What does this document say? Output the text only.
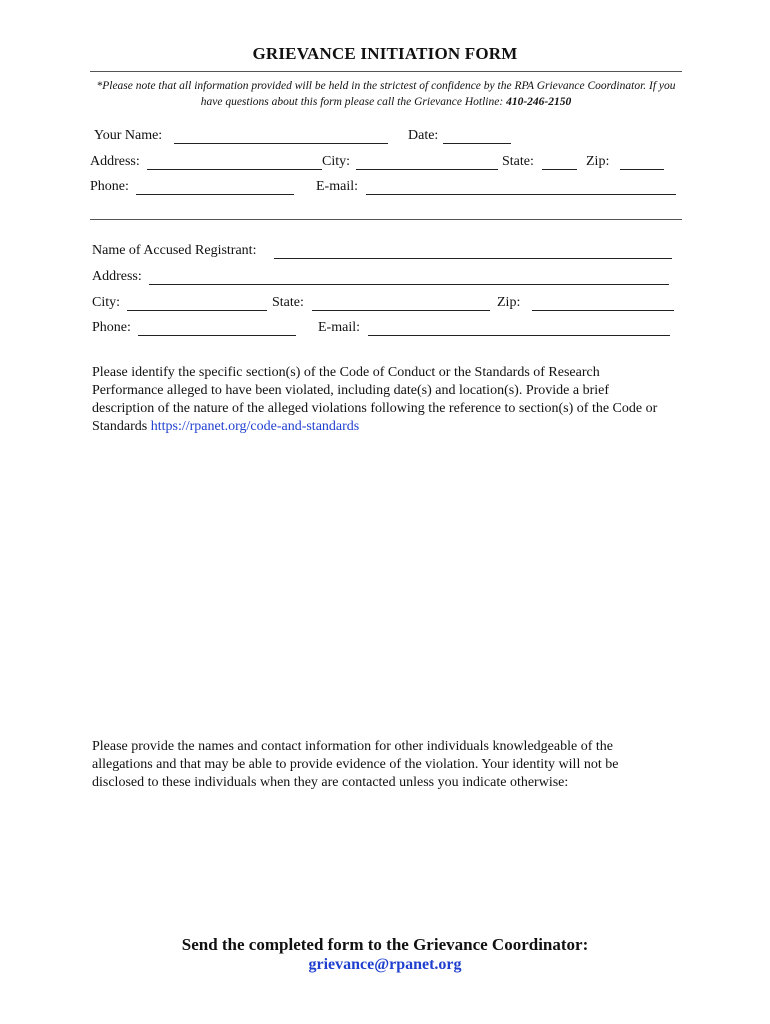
GRIEVANCE INITIATION FORM
*Please note that all information provided will be held in the strictest of confidence by the RPA Grievance Coordinator. If you have questions about this form please call the Grievance Hotline: 410-246-2150
Your Name:	Date:
Address:	City:	State:	Zip:
Phone:	E-mail:
Name of Accused Registrant:
Address:
City:	State:	Zip:
Phone:	E-mail:
Please identify the specific section(s) of the Code of Conduct or the Standards of Research Performance alleged to have been violated, including date(s) and location(s). Provide a brief description of the nature of the alleged violations following the reference to section(s) of the Code or Standards https://rpanet.org/code-and-standards
Please provide the names and contact information for other individuals knowledgeable of the allegations and that may be able to provide evidence of the violation. Your identity will not be disclosed to these individuals when they are contacted unless you indicate otherwise:
Send the completed form to the Grievance Coordinator:
grievance@rpanet.org
